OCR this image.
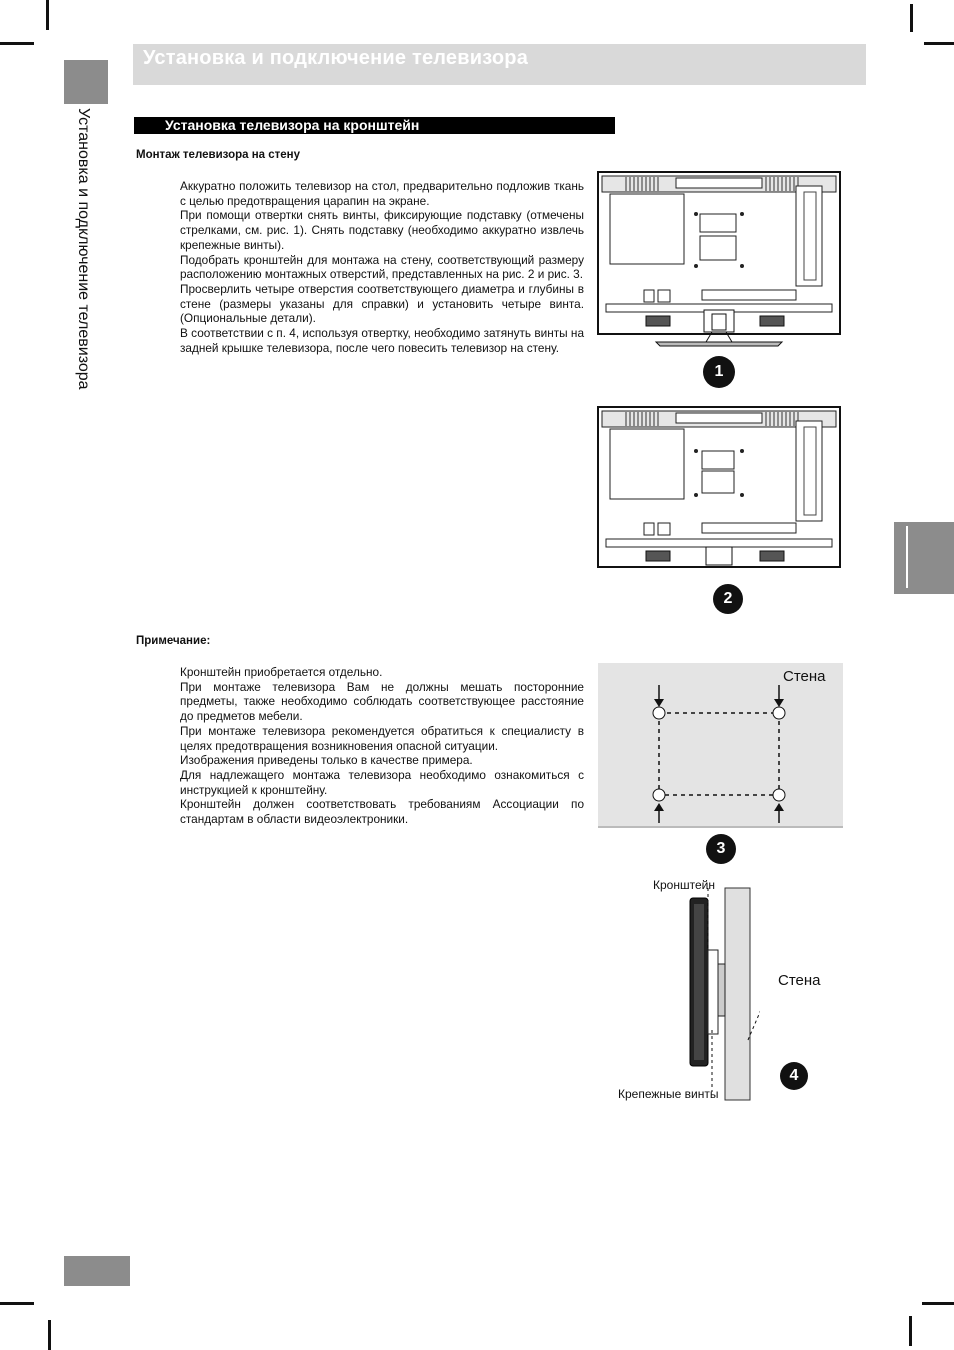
Установка и подключение телевизора
Установка и подключение телевизора	Установка телевизора на кронштейн
Монтаж телевизора на стену

Аккуратно положить телевизор на стол, предварительно подложив ткань с целью предотвращения царапин на экране.

При помощи отвертки снять винты, фиксирующие подставку (отмечены стрелками, см. рис. 1). Снять подставку (необходимо аккуратно извлечь крепежные винты).

Подобрать кронштейн для монтажа на стену, соответствующий размеру расположению монтажных отверстий, представленных на рис. 2 и рис. 3.

Просверлить четыре отверстия соответствующего диаметра и глубины в стене (размеры указаны для справки) и установить четыре винта. (Опциональные детали).

В соответствии с п. 4, используя отвертку, необходимо затянуть винты на задней крышке телевизора, после чего повесить телевизор на стену.

Примечание:

Кронштейн приобретается отдельно.

При монтаже телевизора Вам не должны мешать посторонние предметы, также необходимо соблюдать соответствующее расстояние до предметов мебели.

При монтаже телевизора рекомендуется обратиться к специалисту в целях предотвращения возникновения опасной ситуации.

Изображения приведены только в качестве примера.

Для надлежащего монтажа телевизора необходимо ознакомиться с инструкцией к кронштейну.

Кронштейн должен соответствовать требованиям Ассоциации по стандартам в области видеоэлектроники.

1
2
Стена
3
Кронштейн
Стена
Крепежные винты
4
